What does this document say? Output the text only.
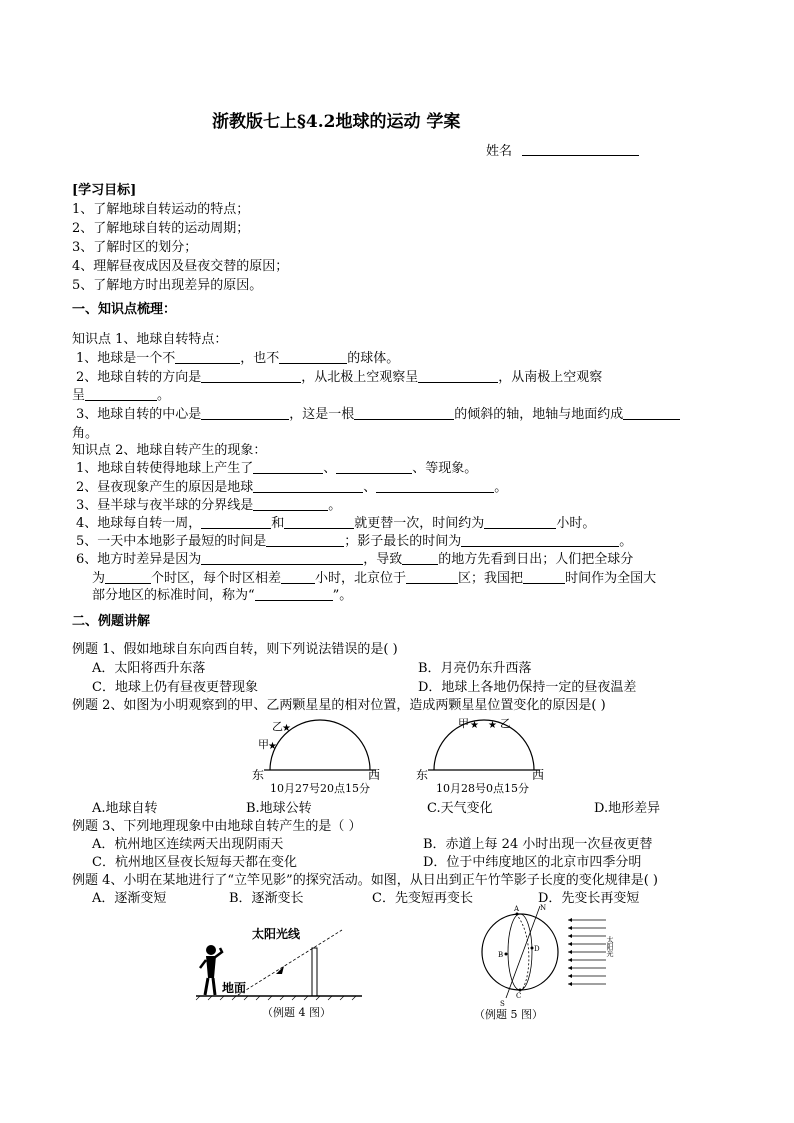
浙教版七上§4.2地球的运动 学案
姓名
[学习目标]
1、了解地球自转运动的特点；
2、了解地球自转的运动周期；
3、了解时区的划分；
4、理解昼夜成因及昼夜交替的原因；
5、了解地方时出现差异的原因。
一、知识点梳理：
知识点 1、地球自转特点：
1、地球是一个不	，也不	的球体。
2、地球自转的方向是	，从北极上空观察呈	，从南极上空观察
呈	。
3、地球自转的中心是	，这是一根	的倾斜的轴，地轴与地面约成
角。
知识点 2、地球自转产生的现象：
1、地球自转使得地球上产生了	、	、等现象。
2、昼夜现象产生的原因是地球	、	。
3、昼半球与夜半球的分界线是	。
4、地球每自转一周，	和	就更替一次，时间约为	小时。
5、一天中本地影子最短的时间是	；影子最长的时间为	。
6、地方时差异是因为	，导致	的地方先看到日出；人们把全球分
为	个时区，每个时区相差	小时，北京位于	区；我国把	时间作为全国大
部分地区的标准时间，称为“	”。
二、例题讲解
例题 1、假如地球自东向西自转，则下列说法错误的是( )
A．太阳将西升东落	B．月亮仍东升西落
C．地球上仍有昼夜更替现象	D．地球上各地仍保持一定的昼夜温差
例题 2、如图为小明观察到的甲、乙两颗星星的相对位置，造成两颗星星位置变化的原因是( )
乙 ★
甲 ★
东	西
10月27号20点15分
甲 ★ ★ 乙
东	西
10月28号0点15分
A.地球自转	B.地球公转	C.天气变化	D.地形差异
例题 3、下列地理现象中由地球自转产生的是（ ）
A．杭州地区连续两天出现阴雨天	B．赤道上每 24 小时出现一次昼夜更替
C．杭州地区昼夜长短每天都在变化	D．位于中纬度地区的北京市四季分明
例题 4、小明在某地进行了“立竿见影”的探究活动。如图，从日出到正午竹竿影子长度的变化规律是( )
A．逐渐变短	B．逐渐变长	C．先变短再变长	D．先变长再变短
太阳光线
地面
（例题 4 图）
A	N
B
D
C
S
太阳光
（例题 5 图）
